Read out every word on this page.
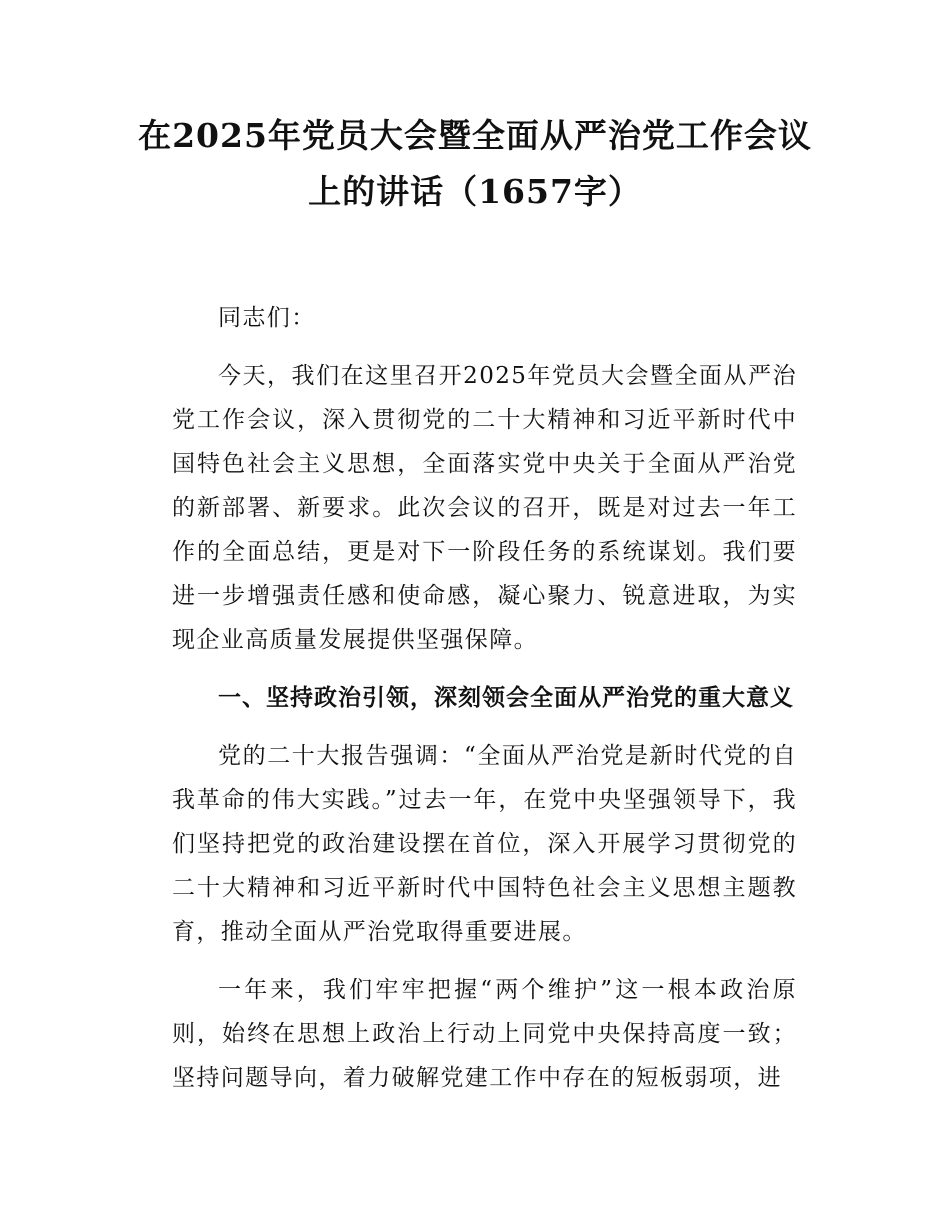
在2025年党员大会暨全面从严治党工作会议
上的讲话（1657字）

同志们：

今天，我们在这里召开2025年党员大会暨全面从严治党工作会议，深入贯彻党的二十大精神和习近平新时代中国特色社会主义思想，全面落实党中央关于全面从严治党的新部署、新要求。此次会议的召开，既是对过去一年工作的全面总结，更是对下一阶段任务的系统谋划。我们要进一步增强责任感和使命感，凝心聚力、锐意进取，为实现企业高质量发展提供坚强保障。

一、坚持政治引领，深刻领会全面从严治党的重大意义

党的二十大报告强调：“全面从严治党是新时代党的自我革命的伟大实践。”过去一年，在党中央坚强领导下，我们坚持把党的政治建设摆在首位，深入开展学习贯彻党的二十大精神和习近平新时代中国特色社会主义思想主题教育，推动全面从严治党取得重要进展。

一年来，我们牢牢把握“两个维护”这一根本政治原则，始终在思想上政治上行动上同党中央保持高度一致；坚持问题导向，着力破解党建工作中存在的短板弱项，进
